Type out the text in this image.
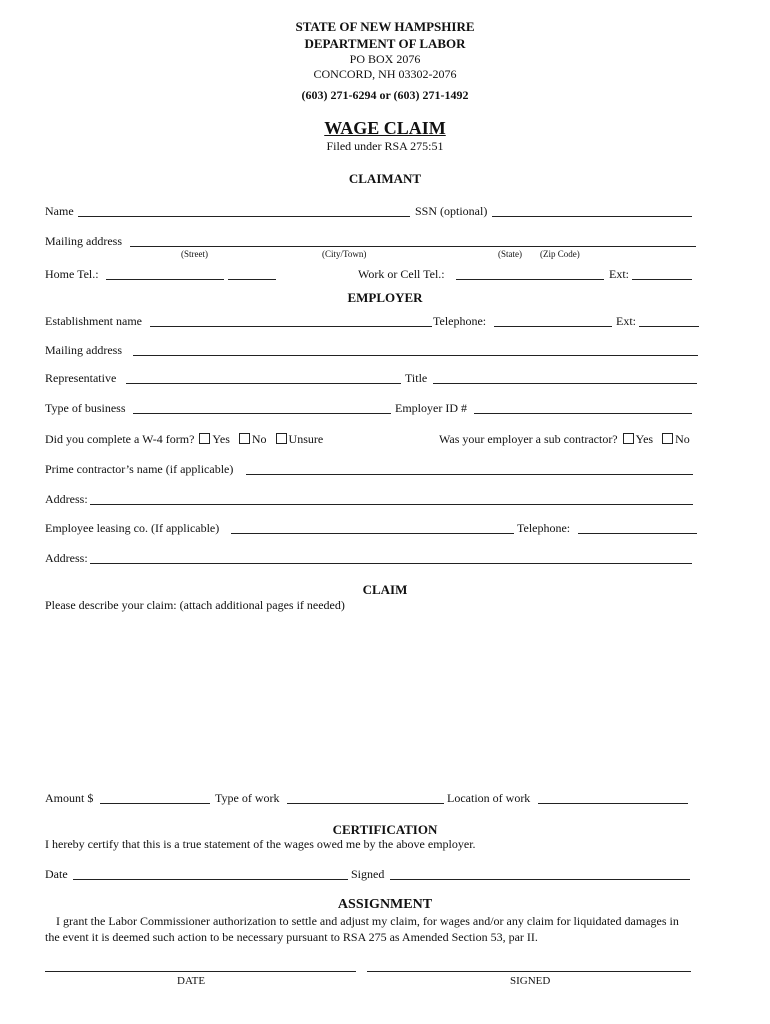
STATE OF NEW HAMPSHIRE
DEPARTMENT OF LABOR
PO BOX 2076
CONCORD, NH 03302-2076
(603) 271-6294 or (603) 271-1492
WAGE CLAIM
Filed under RSA 275:51
CLAIMANT
Name	SSN (optional)
Mailing address
(Street)	(City/Town)	(State) (Zip Code)
Home Tel.:	Work or Cell Tel.:	Ext:
EMPLOYER
Establishment name	Telephone:	Ext:
Mailing address
Representative	Title
Type of business	Employer ID #
Did you complete a W-4 form? Yes No Unsure	Was your employer a sub contractor? Yes No
Prime contractor’s name (if applicable)
Address:
Employee leasing co. (If applicable)	Telephone:
Address:
CLAIM
Please describe your claim: (attach additional pages if needed)
Amount $	Type of work	Location of work
CERTIFICATION
I hereby certify that this is a true statement of the wages owed me by the above employer.
Date	Signed
ASSIGNMENT
I grant the Labor Commissioner authorization to settle and adjust my claim, for wages and/or any claim for liquidated damages in
the event it is deemed such action to be necessary pursuant to RSA 275 as Amended Section 53, par II.
DATE	SIGNED
